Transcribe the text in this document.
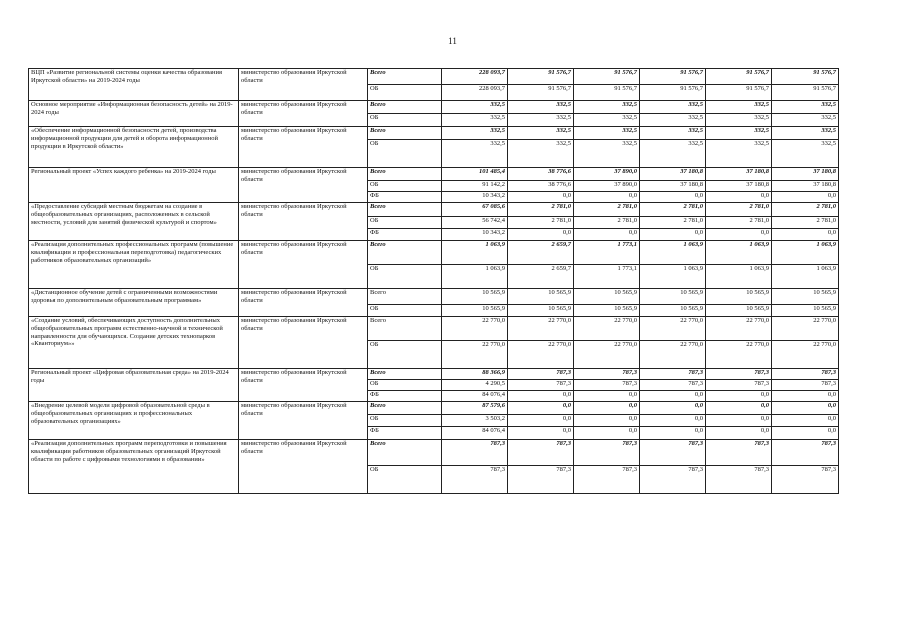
11
ВЦП «Развитие региональной системы оценки качества образования Иркутской области» на 2019-2024 годы	министерство образования Иркутской области	Всего	228 093,7	91 576,7	91 576,7	91 576,7	91 576,7	91 576,7
		ОБ	228 093,7	91 576,7	91 576,7	91 576,7	91 576,7	91 576,7
Основное мероприятие «Информационная безопасность детей» на 2019-2024 годы	министерство образования Иркутской области	Всего	332,5	332,5	332,5	332,5	332,5	332,5
		ОБ	332,5	332,5	332,5	332,5	332,5	332,5
«Обеспечение информационной безопасности детей, производства информационной продукции для детей и оборота информационной продукции в Иркутской области»	министерство образования Иркутской области	Всего	332,5	332,5	332,5	332,5	332,5	332,5
		ОБ	332,5	332,5	332,5	332,5	332,5	332,5
Региональный проект «Успех каждого ребенка» на 2019-2024 годы	министерство образования Иркутской области	Всего	101 485,4	38 776,6	37 890,0	37 180,8	37 180,8	37 180,8
		ОБ	91 142,2	38 776,6	37 890,0	37 180,8	37 180,8	37 180,8
		ФБ	10 343,2	0,0	0,0	0,0	0,0	0,0
«Предоставление субсидий местным бюджетам на создание в общеобразовательных организациях, расположенных в сельской местности, условий для занятий физической культурой и спортом»	министерство образования Иркутской области	Всего	67 085,6	2 781,0	2 781,0	2 781,0	2 781,0	2 781,0
		ОБ	56 742,4	2 781,0	2 781,0	2 781,0	2 781,0	2 781,0
		ФБ	10 343,2	0,0	0,0	0,0	0,0	0,0
«Реализация дополнительных профессиональных программ (повышение квалификации и профессиональная переподготовка) педагогических работников образовательных организаций»	министерство образования Иркутской области	Всего	1 063,9	2 659,7	1 773,1	1 063,9	1 063,9	1 063,9
		ОБ	1 063,9	2 659,7	1 773,1	1 063,9	1 063,9	1 063,9
«Дистанционное обучение детей с ограниченными возможностями здоровья по дополнительным образовательным программам»	министерство образования Иркутской области	Всего	10 565,9	10 565,9	10 565,9	10 565,9	10 565,9	10 565,9
		ОБ	10 565,9	10 565,9	10 565,9	10 565,9	10 565,9	10 565,9
«Создание условий, обеспечивающих доступность дополнительных общеобразовательных программ естественно-научной и технической направленности для обучающихся. Создание детских технопарков «Кванториум»»	министерство образования Иркутской области	Всего	22 770,0	22 770,0	22 770,0	22 770,0	22 770,0	22 770,0
		ОБ	22 770,0	22 770,0	22 770,0	22 770,0	22 770,0	22 770,0
Региональный проект «Цифровая образовательная среда» на 2019-2024 годы	министерство образования Иркутской области	Всего	88 366,9	787,3	787,3	787,3	787,3	787,3
		ОБ	4 290,5	787,3	787,3	787,3	787,3	787,3
		ФБ	84 076,4	0,0	0,0	0,0	0,0	0,0
«Внедрение целевой модели цифровой образовательной среды в общеобразовательных организациях и профессиональных образовательных организациях»	министерство образования Иркутской области	Всего	87 579,6	0,0	0,0	0,0	0,0	0,0
		ОБ	3 503,2	0,0	0,0	0,0	0,0	0,0
		ФБ	84 076,4	0,0	0,0	0,0	0,0	0,0
«Реализация дополнительных программ переподготовки и повышения квалификации работников образовательных организаций Иркутской области по работе с цифровыми технологиями в образовании»	министерство образования Иркутской области	Всего	787,3	787,3	787,3	787,3	787,3	787,3
		ОБ	787,3	787,3	787,3	787,3	787,3	787,3
